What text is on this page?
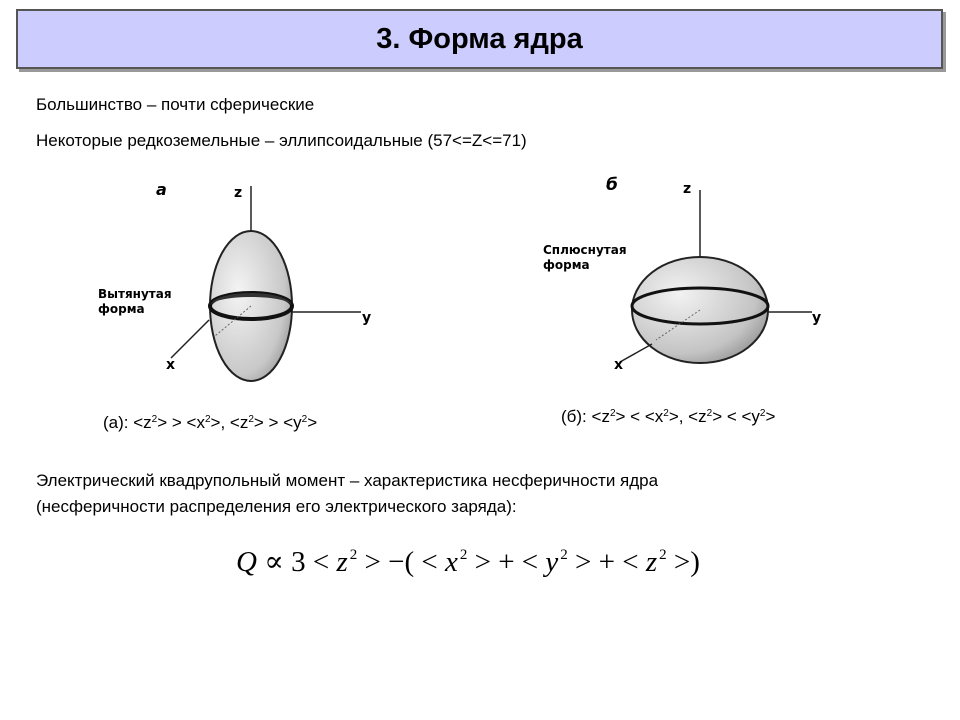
3. Форма ядра
Большинство – почти сферические
Некоторые редкоземельные – эллипсоидальные (57<=Z<=71)
а	z
y
x
Вытянутая
форма
(а): $<z^2> > <x^2>$, $<z^2> > <y^2>$
б	z
y
x
Сплюснутая
форма
(б): $<z^2> < <x^2>$, $<z^2> < <y^2>$
Электрический квадрупольный момент – характеристика несферичности ядра
(несферичности распределения его электрического заряда):
Q ∝ 3 < z $^2$ > −( < x $^2$ > + < y $^2$ > + < z $^2$ >)
